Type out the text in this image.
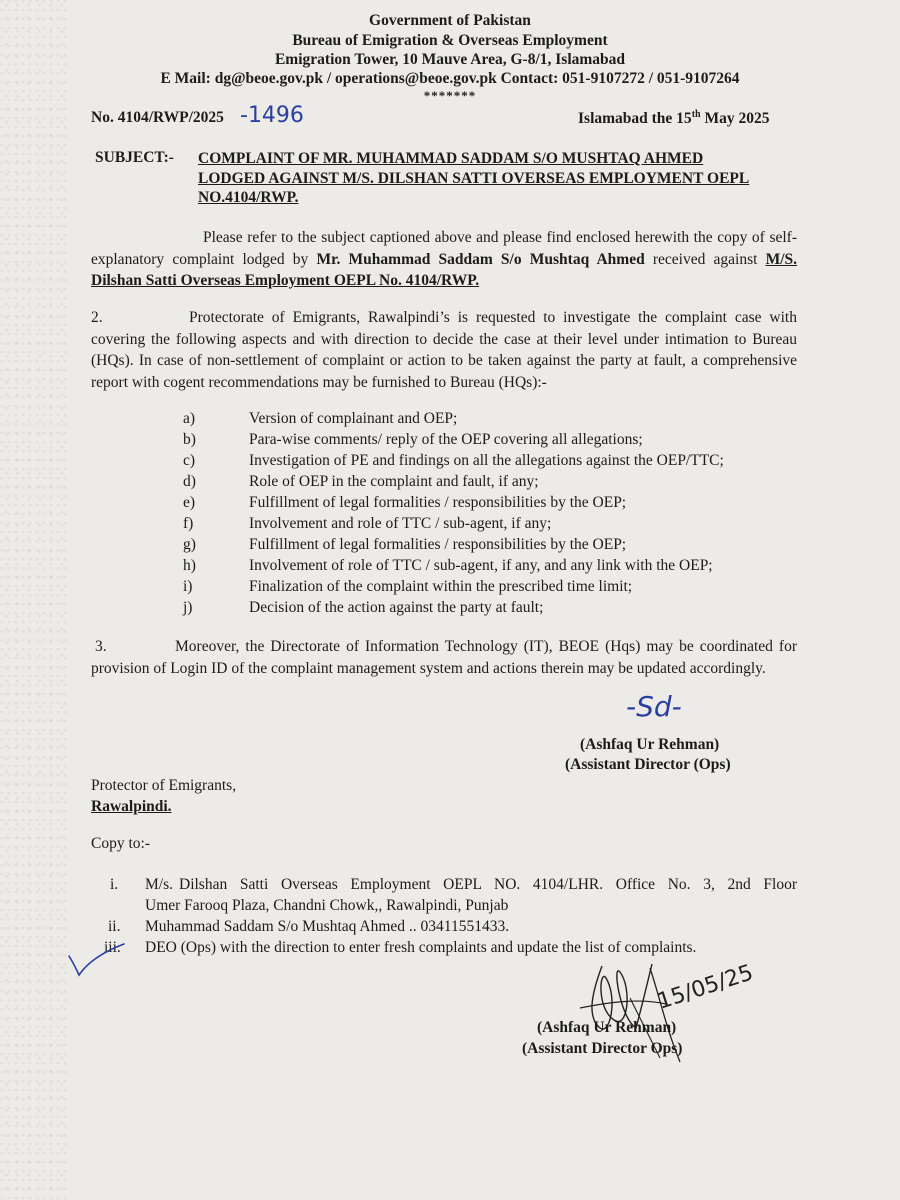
Government of Pakistan
Bureau of Emigration & Overseas Employment
Emigration Tower, 10 Mauve Area, G-8/1, Islamabad
E Mail: dg@beoe.gov.pk / operations@beoe.gov.pk Contact: 051-9107272 / 051-9107264
*******
No. 4104/RWP/2025 -1496	Islamabad the 15th May 2025
SUBJECT:- COMPLAINT OF MR. MUHAMMAD SADDAM S/O MUSHTAQ AHMED
LODGED AGAINST M/S. DILSHAN SATTI OVERSEAS EMPLOYMENT OEPL
NO.4104/RWP.
Please refer to the subject captioned above and please find enclosed herewith the copy of self-explanatory complaint lodged by Mr. Muhammad Saddam S/o Mushtaq Ahmed received against M/S. Dilshan Satti Overseas Employment OEPL No. 4104/RWP.
2.	Protectorate of Emigrants, Rawalpindi’s is requested to investigate the complaint case with covering the following aspects and with direction to decide the case at their level under intimation to Bureau (HQs). In case of non-settlement of complaint or action to be taken against the party at fault, a comprehensive report with cogent recommendations may be furnished to Bureau (HQs):-
a)	Version of complainant and OEP;
b)	Para-wise comments/ reply of the OEP covering all allegations;
c)	Investigation of PE and findings on all the allegations against the OEP/TTC;
d)	Role of OEP in the complaint and fault, if any;
e)	Fulfillment of legal formalities / responsibilities by the OEP;
f)	Involvement and role of TTC / sub-agent, if any;
g)	Fulfillment of legal formalities / responsibilities by the OEP;
h)	Involvement of role of TTC / sub-agent, if any, and any link with the OEP;
i)	Finalization of the complaint within the prescribed time limit;
j)	Decision of the action against the party at fault;
3.	Moreover, the Directorate of Information Technology (IT), BEOE (Hqs) may be coordinated for provision of Login ID of the complaint management system and actions therein may be updated accordingly.
-Sd-
(Ashfaq Ur Rehman)
(Assistant Director (Ops)
Protector of Emigrants,
Rawalpindi.
Copy to:-
i. M/s. Dilshan Satti Overseas Employment OEPL NO. 4104/LHR. Office No. 3, 2nd Floor
Umer Farooq Plaza, Chandni Chowk,, Rawalpindi, Punjab
ii. Muhammad Saddam S/o Mushtaq Ahmed .. 03411551433.
iii. DEO (Ops) with the direction to enter fresh complaints and update the list of complaints.
15/05/25
(Ashfaq Ur Rehman)
(Assistant Director Ops)
